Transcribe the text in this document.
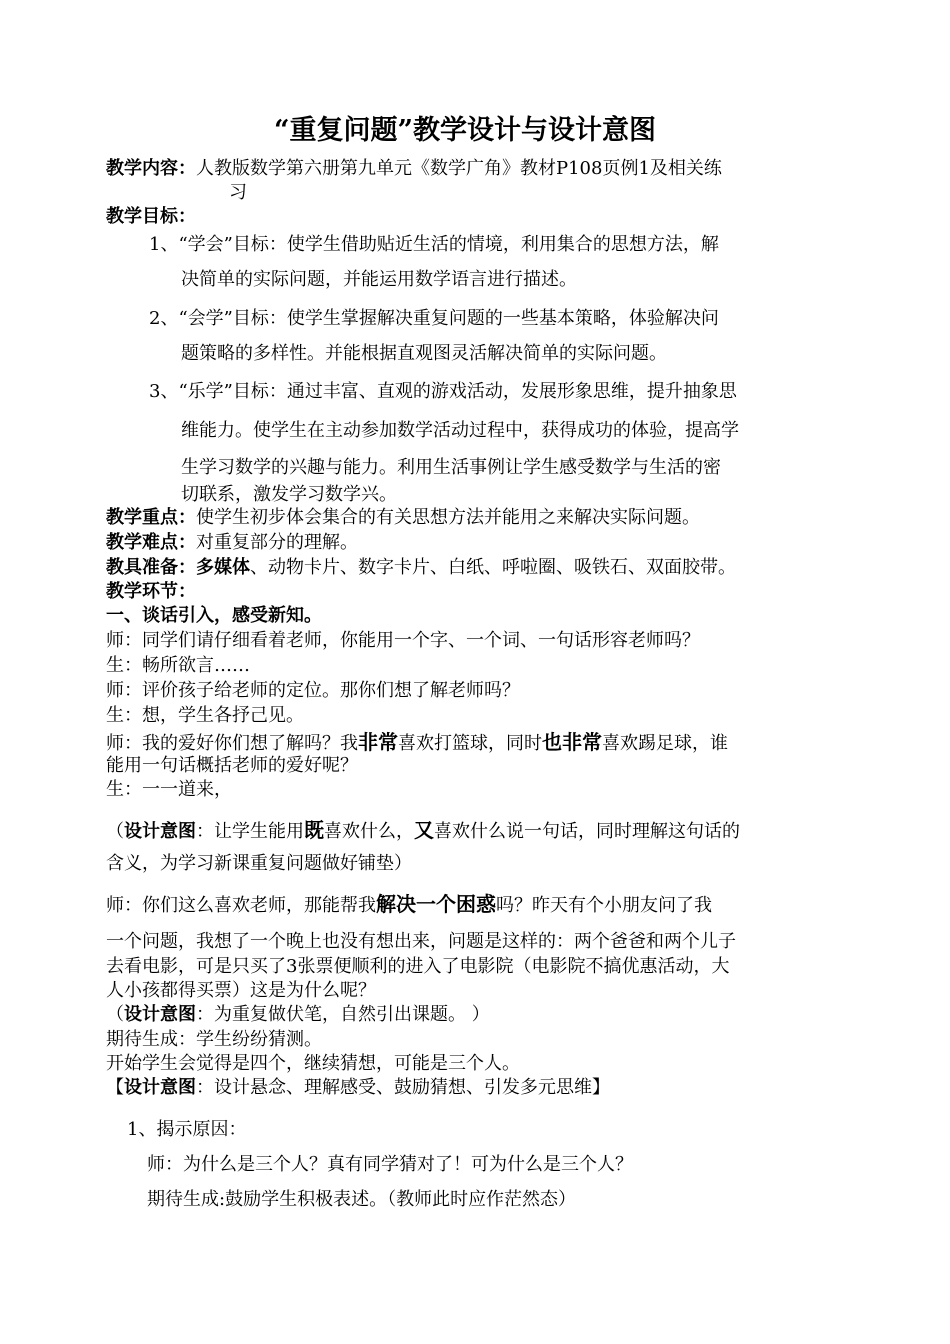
“重复问题”教学设计与设计意图
教学内容：人教版数学第六册第九单元《数学广角》教材P108页例1及相关练
习
教学目标：
1、“学会”目标：使学生借助贴近生活的情境，利用集合的思想方法，解
决简单的实际问题，并能运用数学语言进行描述。
2、“会学”目标：使学生掌握解决重复问题的一些基本策略，体验解决问
题策略的多样性。并能根据直观图灵活解决简单的实际问题。
3、“乐学”目标：通过丰富、直观的游戏活动，发展形象思维，提升抽象思
维能力。使学生在主动参加数学活动过程中，获得成功的体验，提高学
生学习数学的兴趣与能力。利用生活事例让学生感受数学与生活的密
切联系，激发学习数学兴。
教学重点：使学生初步体会集合的有关思想方法并能用之来解决实际问题。
教学难点：对重复部分的理解。
教具准备：多媒体、动物卡片、数字卡片、白纸、呼啦圈、吸铁石、双面胶带。
教学环节：
一、谈话引入，感受新知。
师：同学们请仔细看着老师，你能用一个字、一个词、一句话形容老师吗？
生：畅所欲言……
师：评价孩子给老师的定位。那你们想了解老师吗？
生：想，学生各抒己见。
师：我的爱好你们想了解吗？我非常喜欢打篮球，同时也非常喜欢踢足球，谁
能用一句话概括老师的爱好呢？
生：一一道来，
（设计意图：让学生能用既喜欢什么，又喜欢什么说一句话，同时理解这句话的
含义，为学习新课重复问题做好铺垫）
师：你们这么喜欢老师，那能帮我解决一个困惑吗？昨天有个小朋友问了我
一个问题，我想了一个晚上也没有想出来，问题是这样的：两个爸爸和两个儿子
去看电影，可是只买了3张票便顺利的进入了电影院（电影院不搞优惠活动，大
人小孩都得买票）这是为什么呢？
（设计意图：为重复做伏笔，自然引出课题。 ）
期待生成：学生纷纷猜测。
开始学生会觉得是四个，继续猜想，可能是三个人。
【设计意图：设计悬念、理解感受、鼓励猜想、引发多元思维】
1、揭示原因：
师：为什么是三个人？真有同学猜对了！可为什么是三个人？
期待生成:鼓励学生积极表述。（教师此时应作茫然态）
